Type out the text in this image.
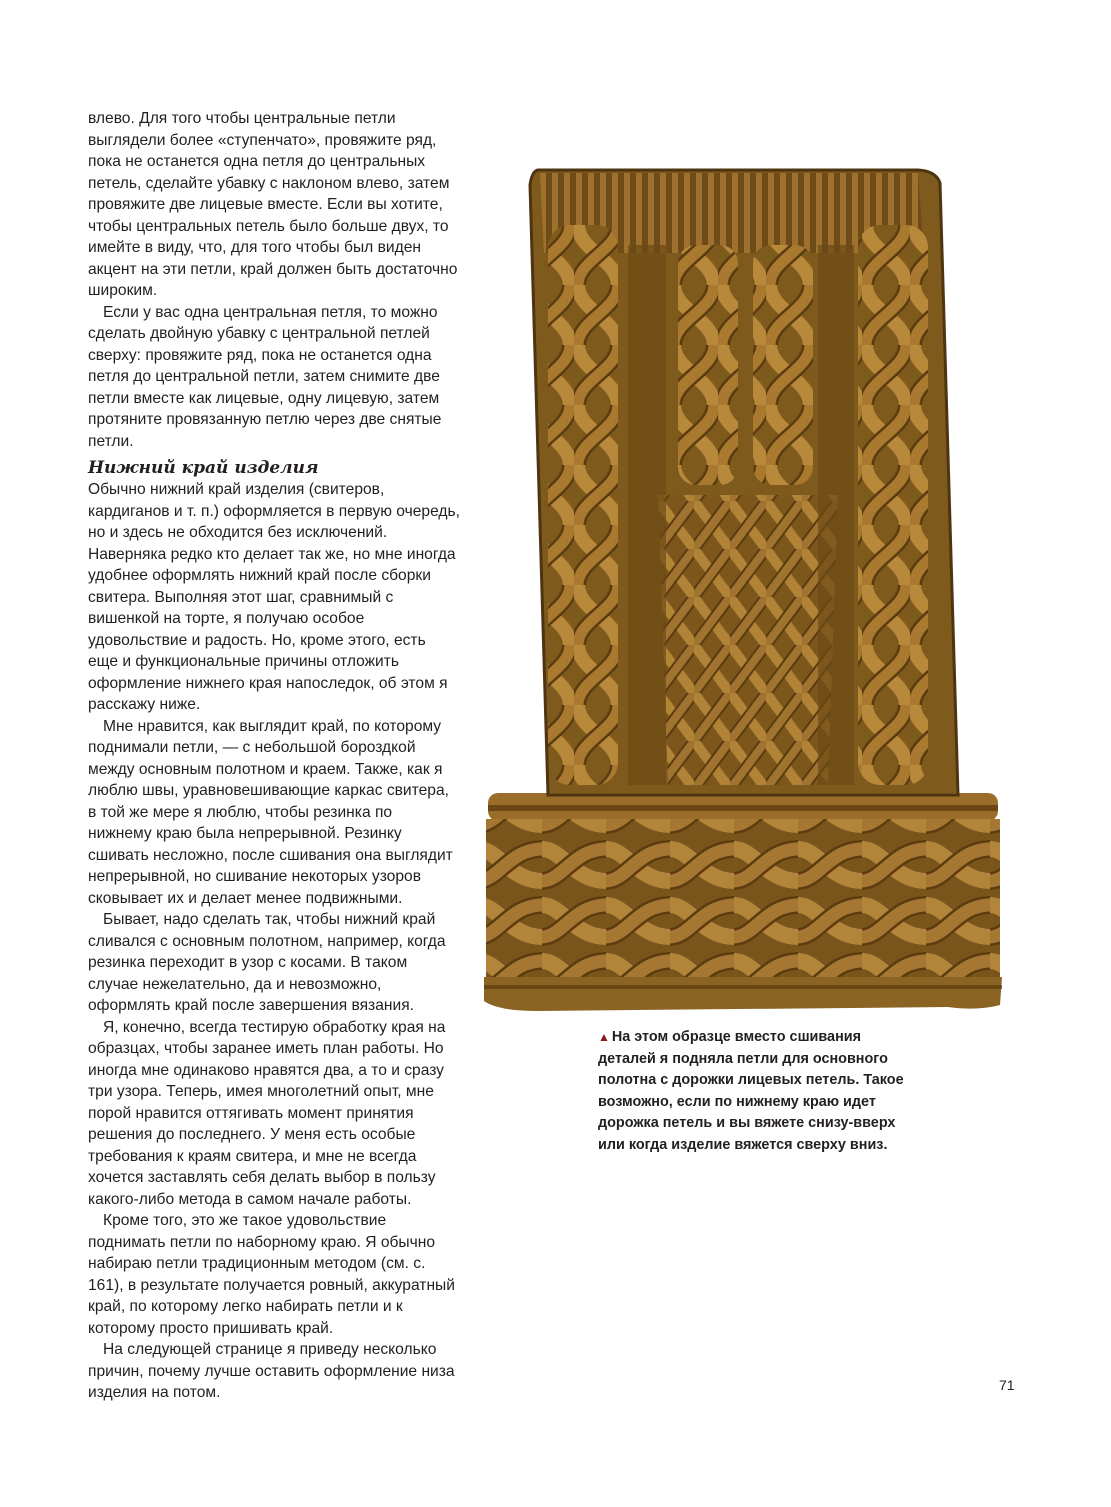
влево. Для того чтобы центральные петли выглядели более «ступенчато», провяжите ряд, пока не останется одна петля до центральных петель, сделайте убавку с наклоном влево, затем провяжите две лицевые вместе. Если вы хотите, чтобы центральных петель было больше двух, то имейте в виду, что, для того чтобы был виден акцент на эти петли, край должен быть достаточно широким.

Если у вас одна центральная петля, то можно сделать двойную убавку с центральной петлей сверху: провяжите ряд, пока не останется одна петля до центральной петли, затем снимите две петли вместе как лицевые, одну лицевую, затем протяните провязанную петлю через две снятые петли.

Нижний край изделия

Обычно нижний край изделия (свитеров, кардиганов и т. п.) оформляется в первую очередь, но и здесь не обходится без исключений. Наверняка редко кто делает так же, но мне иногда удобнее оформлять нижний край после сборки свитера. Выполняя этот шаг, сравнимый с вишенкой на торте, я получаю особое удовольствие и радость. Но, кроме этого, есть еще и функциональные причины отложить оформление нижнего края напоследок, об этом я расскажу ниже.

Мне нравится, как выглядит край, по которому поднимали петли, — с небольшой бороздкой между основным полотном и краем. Также, как я люблю швы, уравновешивающие каркас свитера, в той же мере я люблю, чтобы резинка по нижнему краю была непрерывной. Резинку сшивать несложно, после сшивания она выглядит непрерывной, но сшивание некоторых узоров сковывает их и делает менее подвижными.

Бывает, надо сделать так, чтобы нижний край сливался с основным полотном, например, когда резинка переходит в узор с косами. В таком случае нежелательно, да и невозможно, оформлять край после завершения вязания.

Я, конечно, всегда тестирую обработку края на образцах, чтобы заранее иметь план работы. Но иногда мне одинаково нравятся два, а то и сразу три узора. Теперь, имея многолетний опыт, мне порой нравится оттягивать момент принятия решения до последнего. У меня есть особые требования к краям свитера, и мне не всегда хочется заставлять себя делать выбор в пользу какого-либо метода в самом начале работы.

Кроме того, это же такое удовольствие поднимать петли по наборному краю. Я обычно набираю петли традиционным методом (см. с. 161), в результате получается ровный, аккуратный край, по которому легко набирать петли и к которому просто пришивать край.

На следующей странице я приведу несколько причин, почему лучше оставить оформление низа изделия на потом.

▲ На этом образце вместо сшивания деталей я подняла петли для основного полотна с дорожки лицевых петель. Такое возможно, если по нижнему краю идет дорожка петель и вы вяжете снизу-вверх или когда изделие вяжется сверху вниз.
71
